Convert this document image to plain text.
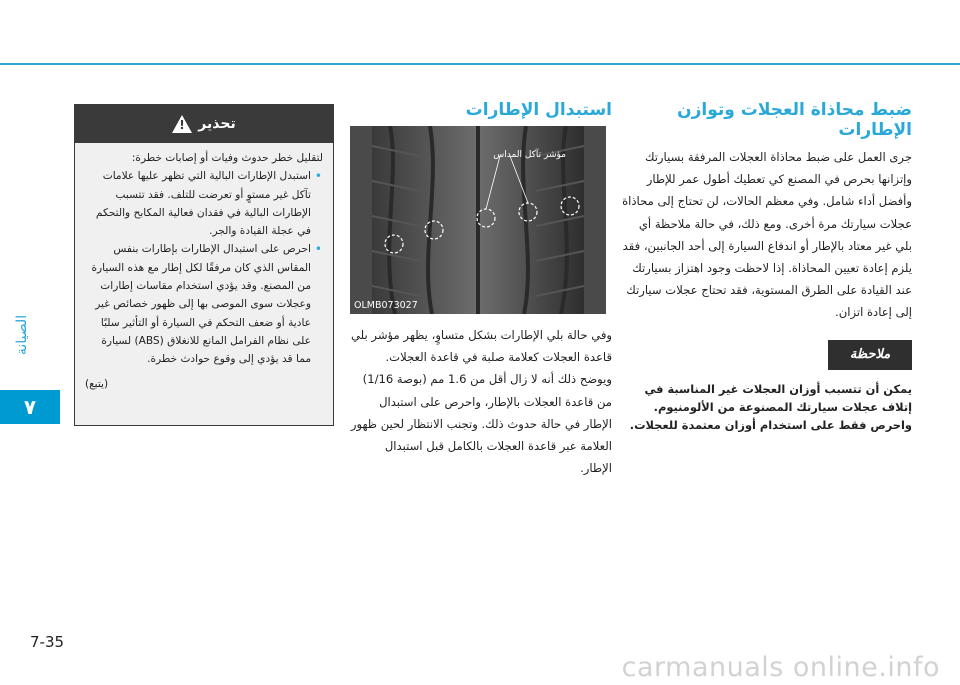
الصيانة
٧
7-35
carmanuals online.info
ضبط محاذاة العجلات وتوازن الإطارات

جرى العمل على ضبط محاذاة العجلات المرفقة بسيارتك وإتزانها بحرص في المصنع كي تعطيك أطول عمر للإطار وأفضل أداء شامل. وفي معظم الحالات، لن تحتاج إلى محاذاة عجلات سيارتك مرة أخرى. ومع ذلك، في حالة ملاحظة أي بلي غير معتاد بالإطار أو اندفاع السيارة إلى أحد الجانبين، فقد يلزم إعادة تعيين المحاذاة. إذا لاحظت وجود اهتزاز بسيارتك عند القيادة على الطرق المستوية، فقد تحتاج عجلات سيارتك إلى إعادة اتزان.

ملاحظة

يمكن أن تتسبب أوزان العجلات غير المناسبة في إتلاف عجلات سيارتك المصنوعة من الألومنيوم. واحرص فقط على استخدام أوزان معتمدة للعجلات.

استبدال الإطارات
مؤشر تآكل المداس
OLMB073027

وفي حالة بلي الإطارات بشكل متساوٍ، يظهر مؤشر بلي قاعدة العجلات كعلامة صلبة في قاعدة العجلات. ويوضح ذلك أنه لا زال أقل من 1.6 مم (بوصة 1/16) من قاعدة العجلات بالإطار، واحرص على استبدال الإطار في حالة حدوث ذلك. وتجنب الانتظار لحين ظهور العلامة عبر قاعدة العجلات بالكامل قبل استبدال الإطار.

تحذير
!

لتقليل خطر حدوث وفيات أو إصابات خطرة:

• استبدل الإطارات البالية التي تظهر عليها علامات تآكل غير مستوٍ أو تعرضت للتلف. فقد تتسبب الإطارات البالية في فقدان فعالية المكابح والتحكم في عجلة القيادة والجر.
• احرص على استبدال الإطارات بإطارات بنفس المقاس الذي كان مرفقًا لكل إطار مع هذه السيارة من المصنع. وقد يؤدي استخدام مقاسات إطارات وعجلات سوى الموصى بها إلى ظهور خصائص غير عادية أو ضعف التحكم في السيارة أو التأثير سلبًا على نظام الفرامل المانع للانغلاق (ABS) لسيارة مما قد يؤدي إلى وقوع حوادث خطرة.
(يتبع)
